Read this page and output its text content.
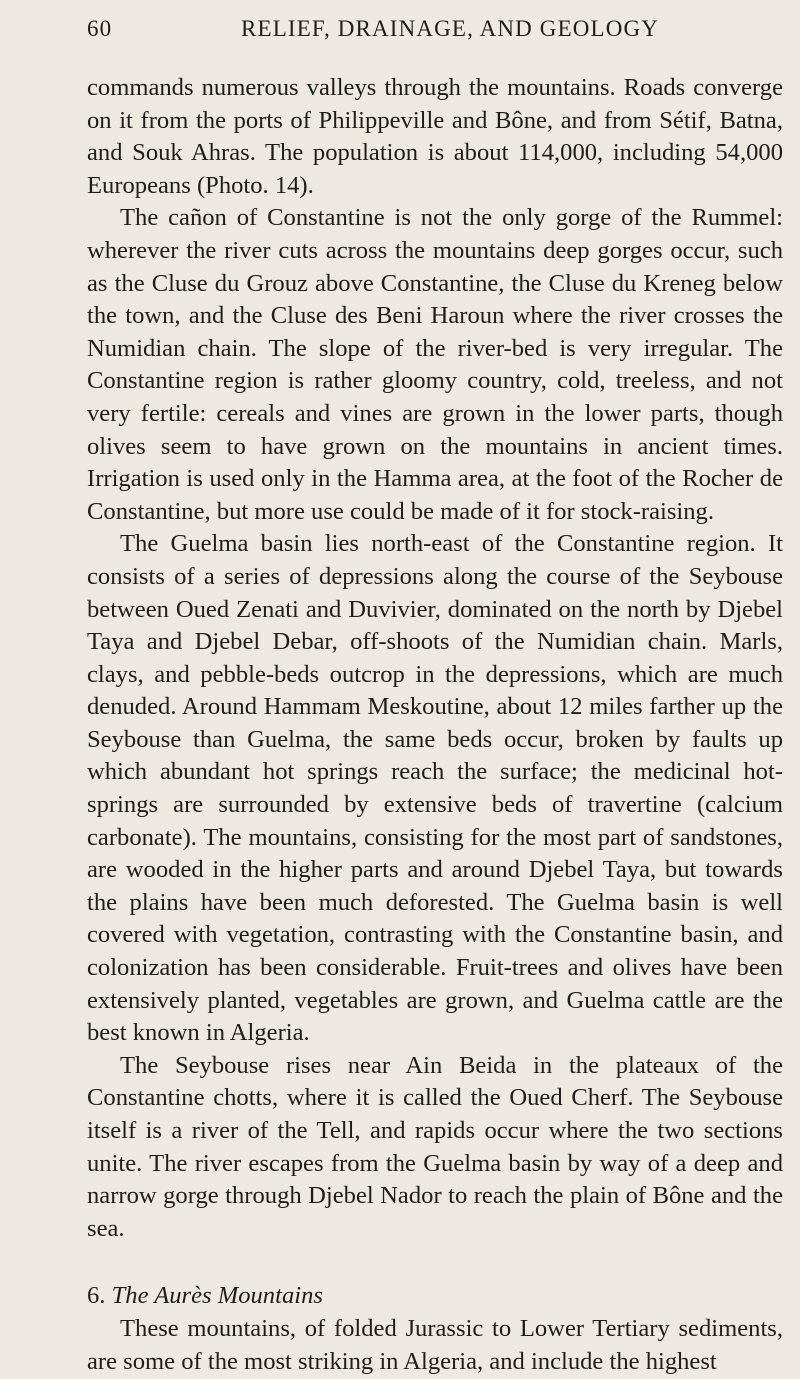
60	RELIEF, DRAINAGE, AND GEOLOGY

commands numerous valleys through the mountains. Roads converge on it from the ports of Philippeville and Bône, and from Sétif, Batna, and Souk Ahras. The population is about 114,000, including 54,000 Europeans (Photo. 14).

The cañon of Constantine is not the only gorge of the Rummel: wherever the river cuts across the mountains deep gorges occur, such as the Cluse du Grouz above Constantine, the Cluse du Kreneg below the town, and the Cluse des Beni Haroun where the river crosses the Numidian chain. The slope of the river-bed is very irregular. The Constantine region is rather gloomy country, cold, treeless, and not very fertile: cereals and vines are grown in the lower parts, though olives seem to have grown on the mountains in ancient times. Irrigation is used only in the Hamma area, at the foot of the Rocher de Constantine, but more use could be made of it for stock-raising.

The Guelma basin lies north-east of the Constantine region. It consists of a series of depressions along the course of the Seybouse between Oued Zenati and Duvivier, dominated on the north by Djebel Taya and Djebel Debar, off-shoots of the Numidian chain. Marls, clays, and pebble-beds outcrop in the depressions, which are much denuded. Around Hammam Meskoutine, about 12 miles farther up the Seybouse than Guelma, the same beds occur, broken by faults up which abundant hot springs reach the surface; the medicinal hot-springs are surrounded by extensive beds of travertine (calcium carbonate). The mountains, consisting for the most part of sandstones, are wooded in the higher parts and around Djebel Taya, but towards the plains have been much deforested. The Guelma basin is well covered with vegetation, contrasting with the Constantine basin, and colonization has been considerable. Fruit-trees and olives have been extensively planted, vegetables are grown, and Guelma cattle are the best known in Algeria.

The Seybouse rises near Ain Beida in the plateaux of the Constantine chotts, where it is called the Oued Cherf. The Seybouse itself is a river of the Tell, and rapids occur where the two sections unite. The river escapes from the Guelma basin by way of a deep and narrow gorge through Djebel Nador to reach the plain of Bône and the sea.

6. The Aurès Mountains

These mountains, of folded Jurassic to Lower Tertiary sediments, are some of the most striking in Algeria, and include the highest
